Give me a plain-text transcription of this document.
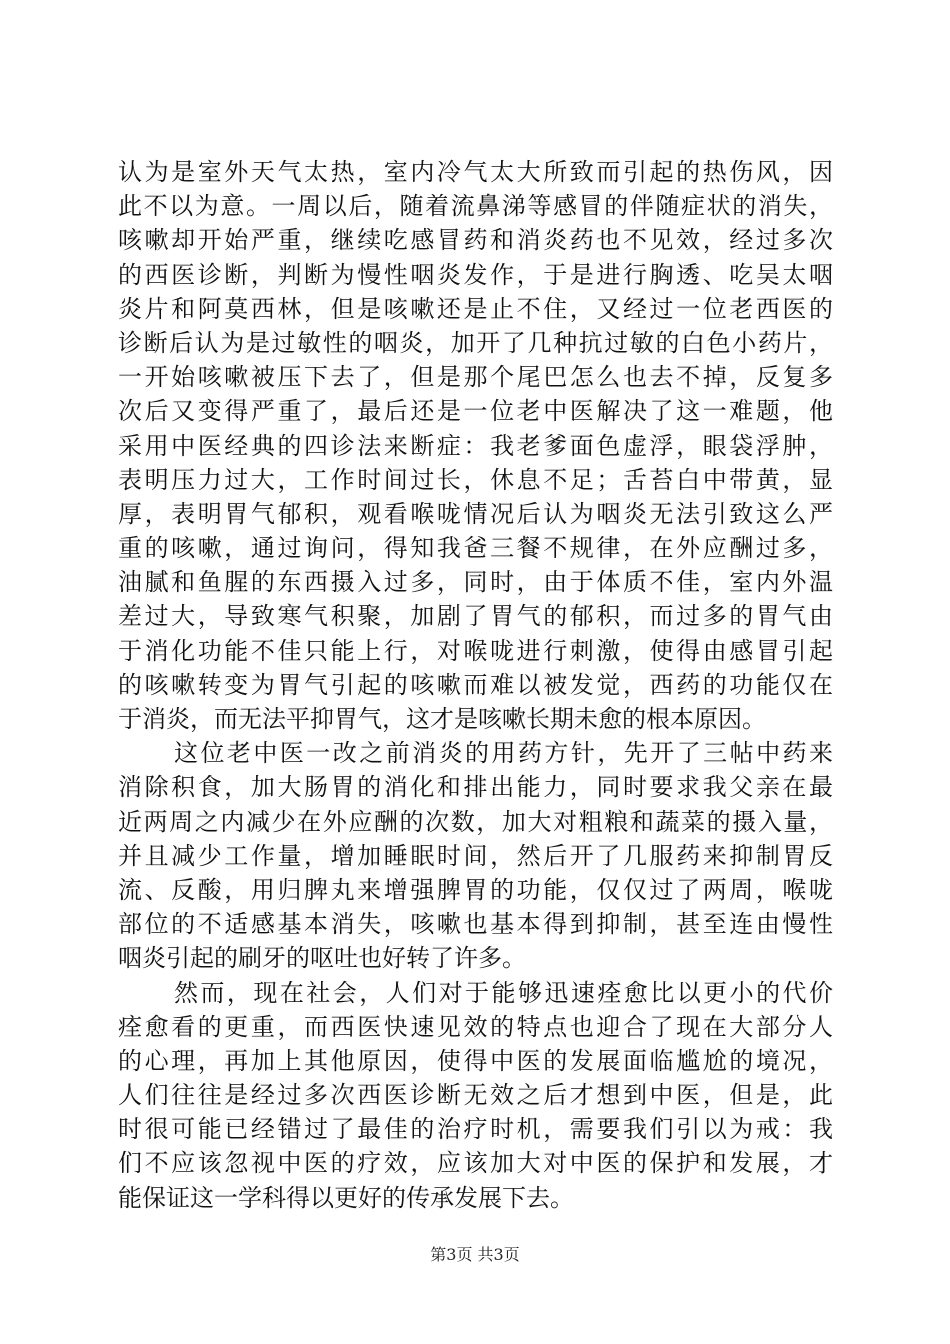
认为是室外天气太热，室内冷气太大所致而引起的热伤风，因
此不以为意。一周以后，随着流鼻涕等感冒的伴随症状的消失，
咳嗽却开始严重，继续吃感冒药和消炎药也不见效，经过多次
的西医诊断，判断为慢性咽炎发作，于是进行胸透、吃吴太咽
炎片和阿莫西林，但是咳嗽还是止不住，又经过一位老西医的
诊断后认为是过敏性的咽炎，加开了几种抗过敏的白色小药片，
一开始咳嗽被压下去了，但是那个尾巴怎么也去不掉，反复多
次后又变得严重了，最后还是一位老中医解决了这一难题，他
采用中医经典的四诊法来断症：我老爹面色虚浮，眼袋浮肿，
表明压力过大，工作时间过长，休息不足；舌苔白中带黄，显
厚，表明胃气郁积，观看喉咙情况后认为咽炎无法引致这么严
重的咳嗽，通过询问，得知我爸三餐不规律，在外应酬过多，
油腻和鱼腥的东西摄入过多，同时，由于体质不佳，室内外温
差过大，导致寒气积聚，加剧了胃气的郁积，而过多的胃气由
于消化功能不佳只能上行，对喉咙进行刺激，使得由感冒引起
的咳嗽转变为胃气引起的咳嗽而难以被发觉，西药的功能仅在
于消炎，而无法平抑胃气，这才是咳嗽长期未愈的根本原因。
这位老中医一改之前消炎的用药方针，先开了三帖中药来
消除积食，加大肠胃的消化和排出能力，同时要求我父亲在最
近两周之内减少在外应酬的次数，加大对粗粮和蔬菜的摄入量，
并且减少工作量，增加睡眠时间，然后开了几服药来抑制胃反
流、反酸，用归脾丸来增强脾胃的功能，仅仅过了两周，喉咙
部位的不适感基本消失，咳嗽也基本得到抑制，甚至连由慢性
咽炎引起的刷牙的呕吐也好转了许多。
然而，现在社会，人们对于能够迅速痊愈比以更小的代价
痊愈看的更重，而西医快速见效的特点也迎合了现在大部分人
的心理，再加上其他原因，使得中医的发展面临尴尬的境况，
人们往往是经过多次西医诊断无效之后才想到中医，但是，此
时很可能已经错过了最佳的治疗时机，需要我们引以为戒：我
们不应该忽视中医的疗效，应该加大对中医的保护和发展，才
能保证这一学科得以更好的传承发展下去。
第3页 共3页
